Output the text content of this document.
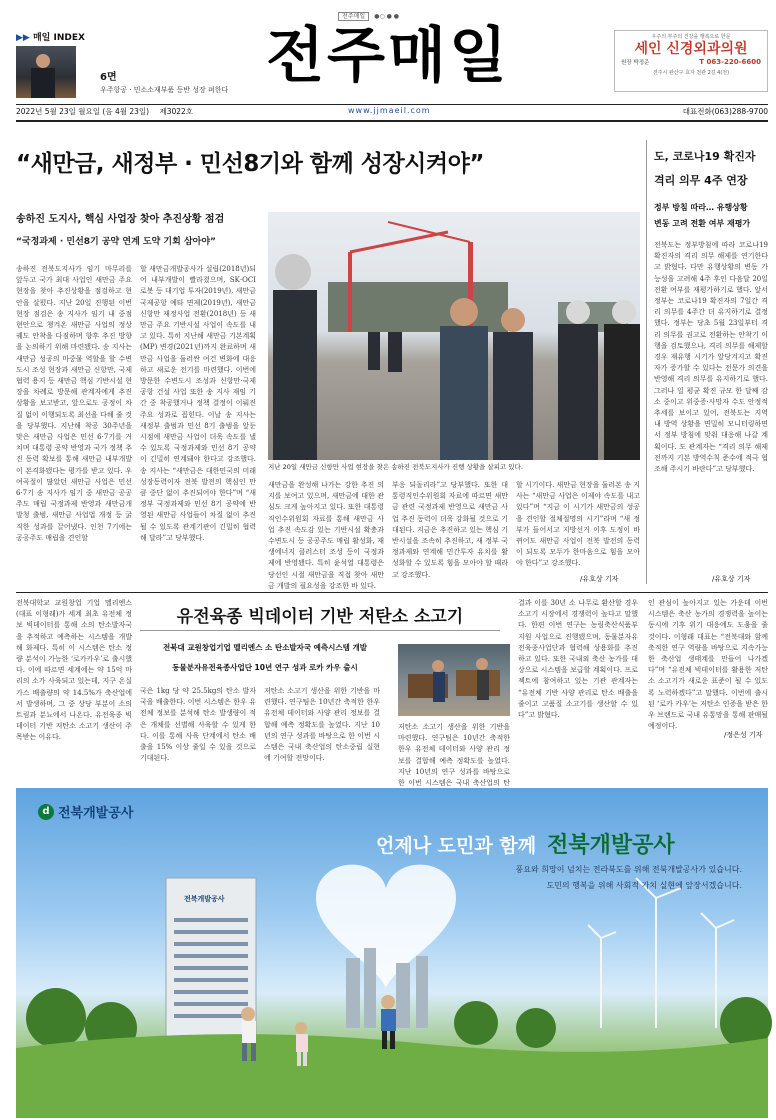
전주매일 ●○ ● ●
▶▶ 매일 INDEX
6면
우주항공 · 민소소재부품 등반 성장 펴한다 전주매일	우주의 부주의 건강을 행복으로 한문
세인 신경외과의원
원장 박정준	T 063-220-6600
전주시 완산구 효자 천관 2길 4(전)
2022년 5월 23일 월요일 (음 4월 23일) 제3022호	www.jjmaeil.com	대표전화(063)288-9700
“새만금, 새정부 · 민선8기와 함께 성장시켜야”
송하진 도지사, 핵심 사업장 찾아 추진상황 점검
“국정과제 · 민선8기 공약 연계 도약 기회 삼아야”
송하진 전북도지사가 임기 마무리를 앞두고 국가 최대 사업인 새만금 주요 현장을 찾아 추진상황을 점검하고 현안을 살폈다. 지난 20일 진행된 이번 현장 점검은 송 지사가 임기 내 중점 현안으로 챙겨온 새만금 사업의 정상 궤도 안착을 다짐하며 향후 추진 방향을 논의하기 위해 마련됐다. 송 지사는 새만금 성공의 마중물 역할을 할 수변도시 조성 현장과 새만금 신항만, 국제협력 용지 등 새만금 핵심 기반시설 현장을 차례로 방문해 관계자에게 추진상황을 보고받고, 앞으로도 공정이 차질 없이 이행되도록 최선을 다해 줄 것을 당부했다. 지난해 착공 30주년을 맞은 새만금 사업은 민선 6·7기를 거치며 대통령 공약 반영과 국가 정책 추진 동력 확보를 통해 새만금 내부개발이 본격화됐다는 평가를 받고 있다. 우여곡절이 많았던 새만금 사업은 민선 6·7기 송 지사가 임기 중 새만금 공공주도 매립 국정과제 반영과 새만금개발청 출범, 새만금 사업법 개정 등 굵직한 성과를 끌어냈다. 인천 7기에는 공공주도 매립을 견인할
할 새만금개발공사가 설립(2018년)되어 내부개발이 빨라졌으며, SK·OCI 로봇 등 대기업 투자(2019년), 새만금 국제공항 예타 면제(2019년), 새만금 신항만 재정사업 전환(2018년) 등 새만금 주요 기반시설 사업이 속도를 내고 있다. 특히 지난해 새만금 기본계획(MP) 변경(2021년)까지 완료하며 새만금 사업을 둘러싼 여건 변화에 대응하고 새로운 전기를 마련했다. 이번에 방문한 수변도시 조성과 신항만·국제공항 건설 사업 또한 송 지사 재임 기간 중 착공했거나 정책 결정이 이뤄진 주요 성과로 꼽힌다. 이날 송 지사는 새정부 출범과 민선 8기 출범을 앞둔 시점에 새만금 사업이 더욱 속도를 낼 수 있도록 국정과제와 민선 8기 공약이 긴밀히 연계돼야 한다고 강조했다. 송 지사는 “새만금은 대한민국의 미래 성장동력이자 전북 발전의 핵심인 만큼 중단 없이 추진되어야 한다”며 “새정부 국정과제와 민선 8기 공약에 반영된 새만금 사업들이 차질 없이 추진될 수 있도록 관계기관이 긴밀히 협력해 달라”고 당부했다.
지난 20일 새만금 신항만 사업 현장을 찾은 송하진 전북도지사가 진행 상황을 살피고 있다.
새만금을 완성해 나가는 강한 추진 의지를 보여고 있으며, 새만금에 대한 관심도 크게 높아지고 있다. 또한 대통령 직인수위원회 자료를 통해 새만금 사업 추진 속도감 있는 기반시설 확충과 수변도시 등 공공주도 매립 활성화, 재생에너지 클러스터 조성 등이 국정과제에 반영됐다. 특히 윤석열 대통령은 당선인 시절 새만금을 직접 찾아 새만금 개발의 필요성을 강조한 바 있다.
부응 되돌리라”고 당부했다. 또한 대통령직인수위원회 자료에 따르면 새만금 관련 국정과제 반영으로 새만금 사업 추진 동력이 더욱 강화될 것으로 기대된다. 지금은 추진하고 있는 핵심 기반시설을 조속히 추진하고, 새 정부 국정과제와 연계해 민간투자 유치를 활성화할 수 있도록 힘을 모아야 할 때라고 강조했다.
할 시기이다. 새만금 현장을 둘러본 송 지사는 “새만금 사업은 이제야 속도를 내고 있다”며 “지금 이 시기가 새만금의 성공을 견인할 절체절명의 시기”라며 “새 정부가 들어서고 지방선거 이후 도정이 바뀌어도 새만금 사업이 전북 발전의 동력이 되도록 모두가 한마음으로 힘을 모아야 한다”고 강조했다.
/유호상 기자
도, 코로나19 확진자
격리 의무 4주 연장
정부 방침 따라… 유행상황
변동 고려 전환 여부 재평가
전북도는 정부방침에 따라 코로나19 확진자의 격리 의무 해제를 연기한다고 밝혔다. 다만 유행상황의 변동 가능성을 고려해 4주 후인 다음달 20일 전환 여부를 재평가하기로 했다. 앞서 정부는 코로나19 확진자의 7일간 격리 의무를 4주간 더 유지하기로 결정했다. 정부는 당초 5월 23일부터 격리 의무를 권고로 전환하는 안착기 이행을 검토했으나, 격리 의무를 해제할 경우 재유행 시기가 앞당겨지고 확진자가 증가할 수 있다는 전문가 의견을 반영해 격리 의무를 유지하기로 했다. 그러나 일 평균 확진 규모 한 달째 감소 중이고 위중증·사망자 수도 안정적 추세를 보이고 있어, 전북도는 지역 내 방역 상황을 면밀히 모니터링하면서 정부 방침에 맞춰 대응해 나갈 계획이다. 도 관계자는 “격리 의무 해제 전까지 기본 방역수칙 준수에 적극 협조해 주시기 바란다”고 당부했다.
/유호상 기자
전북대학교 교원창업 기업 멜리엔스(대표 이형래)가 세계 최초 유전체 정보 빅데이터를 통해 소의 탄소발자국을 추적하고 예측하는 시스템을 개발해 화제다. 특히 이 시스템은 탄소 정량 분석이 가능한 ‘로카카우’로 출시했다. 이에 따르면 세계에는 약 15억 마리의 소가 사육되고 있는데, 지구 온실가스 배출량의 약 14.5%가 축산업에서 발생하며, 그 중 상당 부분이 소의 트림과 분뇨에서 나온다. 유전육종 빅데이터 기반 저탄소 소고기 생산이 주목받는 이유다.
유전육종 빅데이터 기반 저탄소 소고기
전북대 교원창업기업 멜리엔스 소 탄소발자국 예측시스템 개발
동물분자유전육종사업단 10년 연구 성과 로카 카우 출시
국은 1kg 당 약 25.5kg의 탄소 발자국을 배출한다. 이번 시스템은 한우 유전체 정보를 분석해 탄소 발생량이 적은 개체를 선별해 사육할 수 있게 한다. 이를 통해 사육 단계에서 탄소 배출을 15% 이상 줄일 수 있을 것으로 기대된다.
저탄소 소고기 생산을 위한 기반을 마련했다. 연구팀은 10년간 축적한 한우 유전체 데이터와 사양 관리 정보를 결합해 예측 정확도를 높였다. 지난 10년의 연구 성과를 바탕으로 한 이번 시스템은 국내 축산업의 탄소중립 실현에 기여할 전망이다.
저탄소 소고기 생산을 위한 기반을 마련했다. 연구팀은 10년간 축적한 한우 유전체 데이터와 사양 관리 정보를 결합해 예측 정확도를 높였다. 지난 10년의 연구 성과를 바탕으로 한 이번 시스템은 국내 축산업의 탄
결과 이를 30년 소 나무로 환산할 경우 소고기 시장에서 경쟁력이 높다고 말했다. 한편 이번 연구는 농림축산식품부 지원 사업으로 진행됐으며, 동물분자유전육종사업단과 협력해 상용화를 추진하고 있다. 또한 국내외 축산 농가를 대상으로 시스템을 보급할 계획이다. 프로젝트에 참여하고 있는 기관 관계자는 “유전체 기반 사양 관리로 탄소 배출을 줄이고 고품질 소고기를 생산할 수 있다”고 밝혔다.
인 관심이 높아지고 있는 가운데 이번 시스템은 축산 농가의 경쟁력을 높이는 동시에 기후 위기 대응에도 도움을 줄 것이다. 이형래 대표는 “전북대와 함께 축적한 연구 역량을 바탕으로 지속가능한 축산업 생태계를 만들어 나가겠다”며 “유전체 빅데이터를 활용한 저탄소 소고기가 새로운 표준이 될 수 있도록 노력하겠다”고 말했다. 이번에 출시된 ‘로카 카우’는 저탄소 인증을 받은 한우 브랜드로 국내 유통망을 통해 판매될 예정이다.
/정은성 기자
d 전북개발공사
언제나 도민과 함께 전북개발공사
풍요와 희망이 넘치는 전라북도를 위해 전북개발공사가 있습니다.
도민의 행복을 위해 사회적 가치 실현에 앞장서겠습니다.
전북개발공사
